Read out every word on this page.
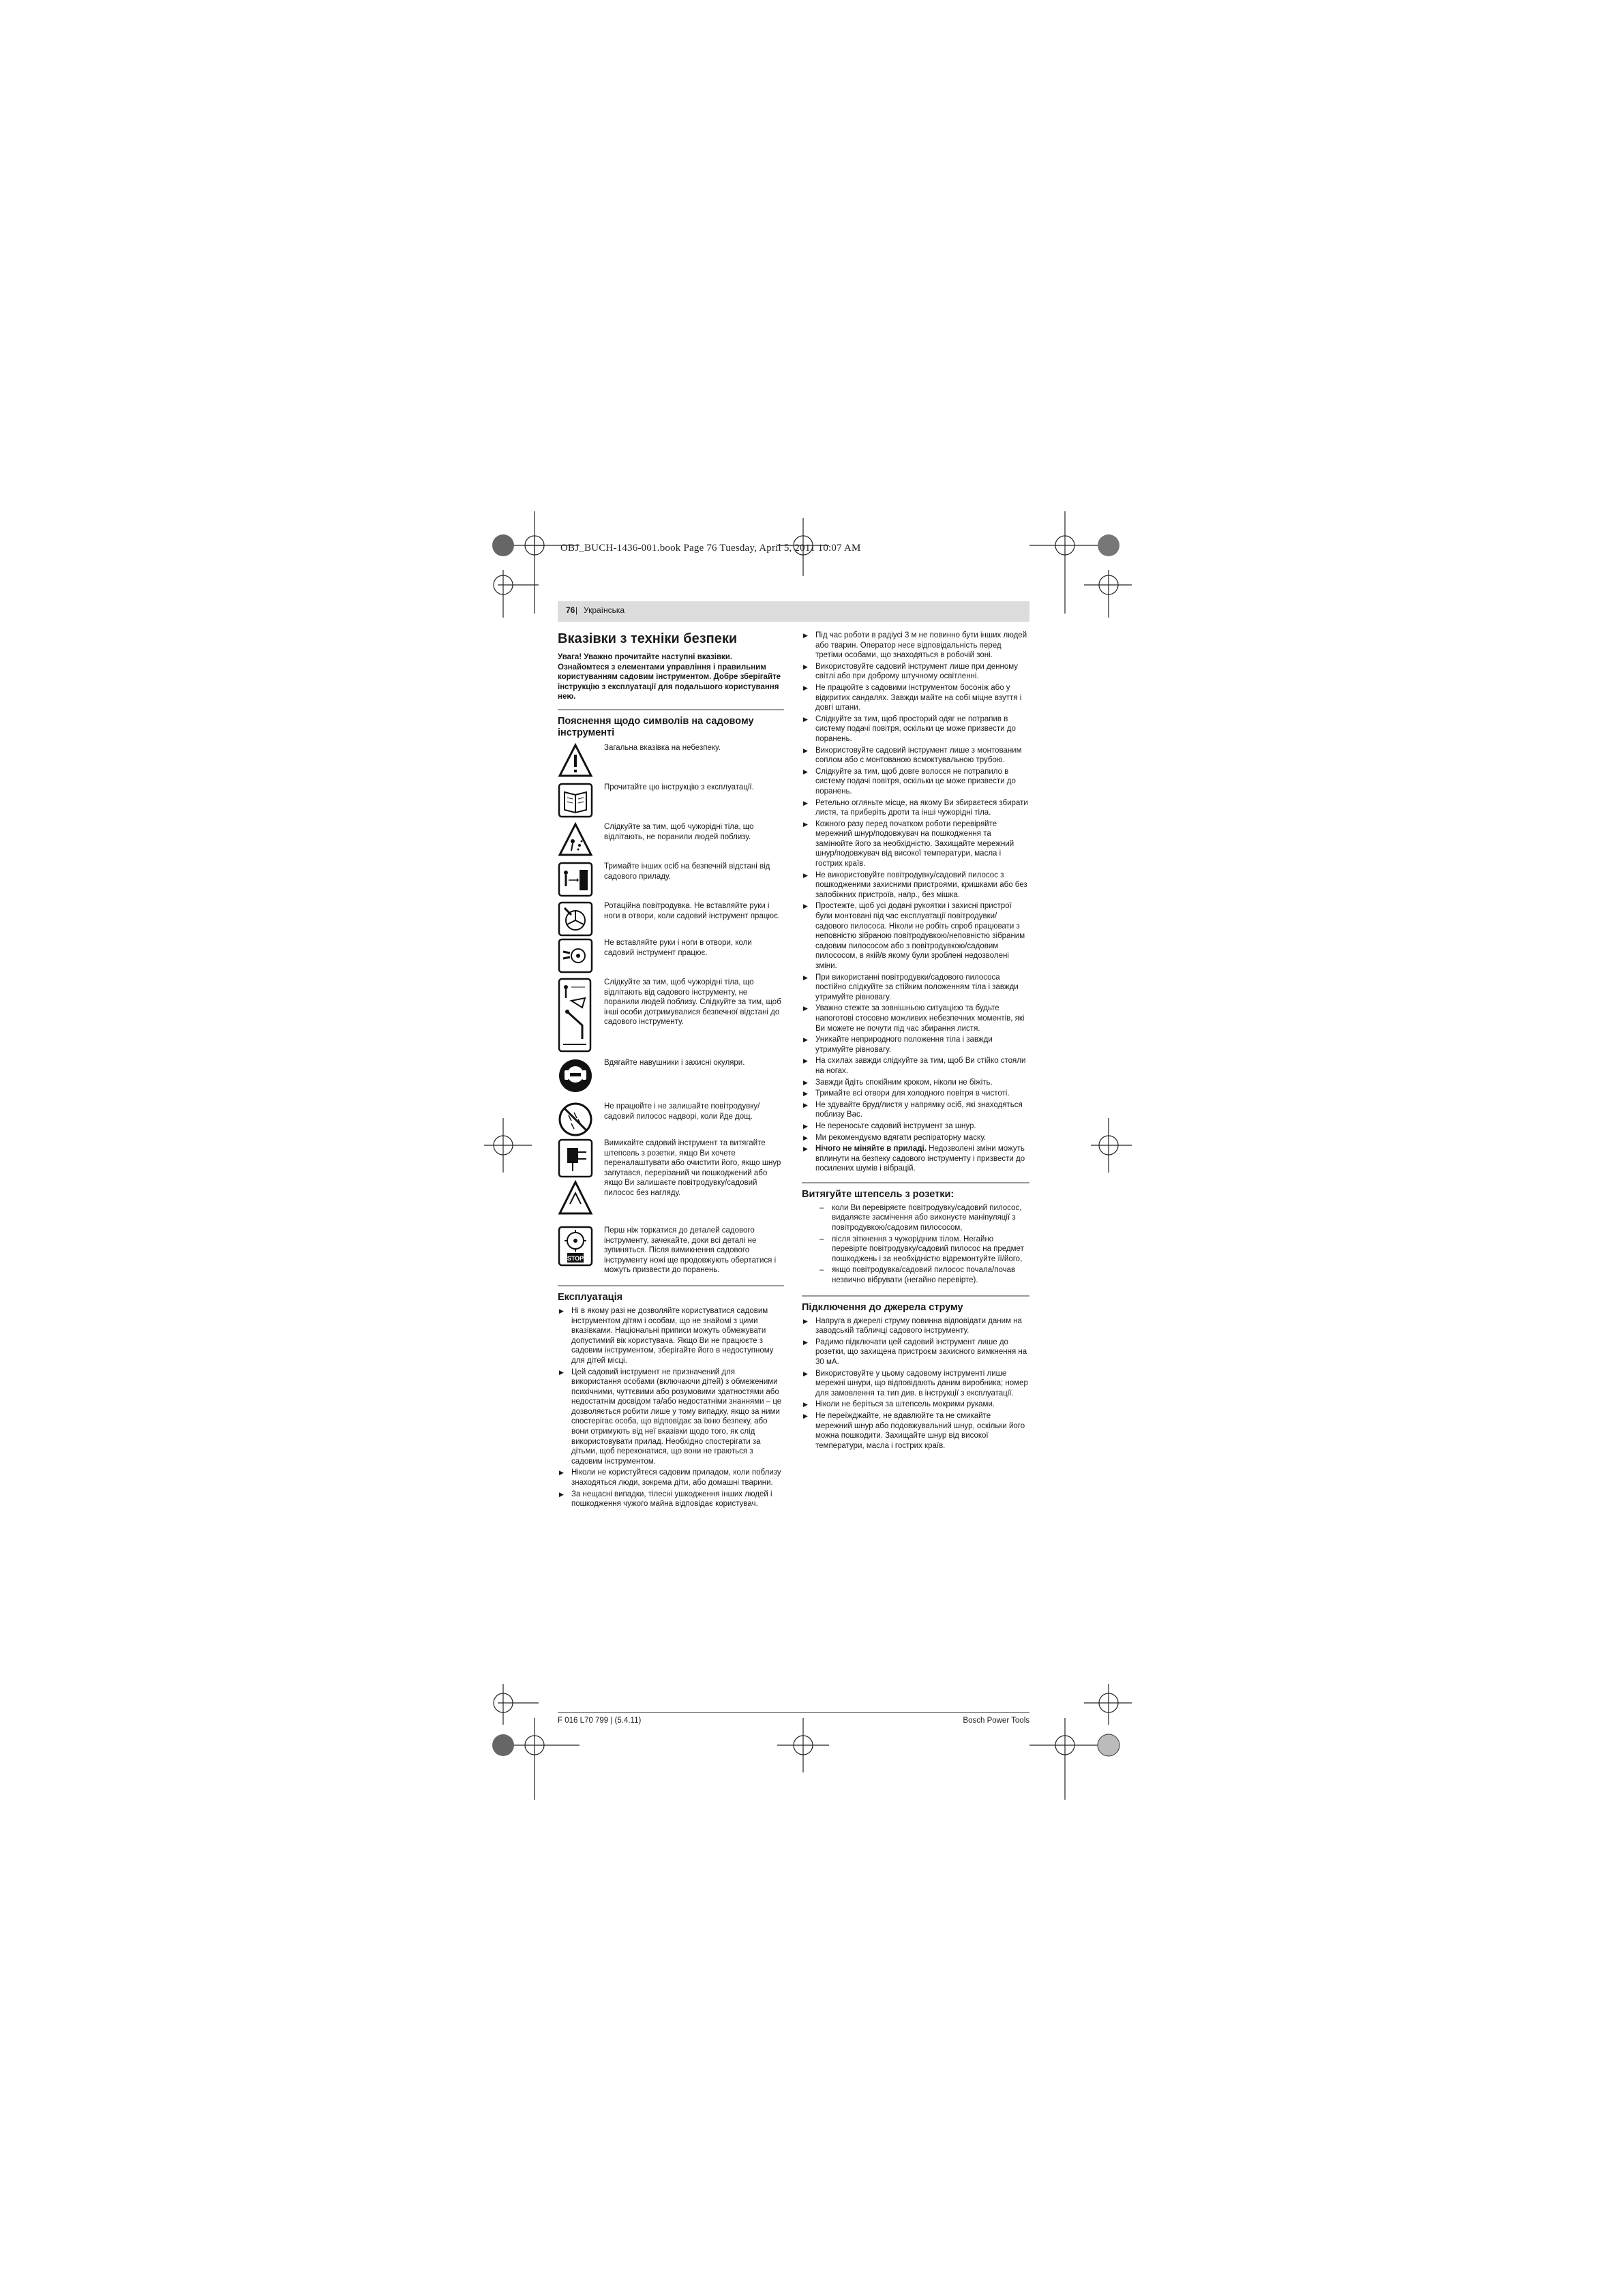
OBJ_BUCH-1436-001.book Page 76 Tuesday, April 5, 2011 10:07 AM
76 | Українська
Вказівки з техніки безпеки

Увага! Уважно прочитайте наступні вказівки. Ознайомтеся з елементами управління і правильним користуванням садовим інструментом. Добре зберігайте інструкцію з експлуатації для подальшого користування нею.

Пояснення щодо символів на садовому інструменті
Загальна вказівка на небезпеку.
Прочитайте цю інструкцію з експлуатації.
Слідкуйте за тим, щоб чужорідні тіла, що відлітають, не поранили людей поблизу.
Тримайте інших осіб на безпечній відстані від садового приладу.
Ротаційна повітродувка. Не вставляйте руки і ноги в отвори, коли садовий інструмент працює.
Не вставляйте руки і ноги в отвори, коли садовий інструмент працює.
Слідкуйте за тим, щоб чужорідні тіла, що відлітають від садового інструменту, не поранили людей поблизу. Слідкуйте за тим, щоб інші особи дотримувалися безпечної відстані до садового інструменту.
Вдягайте навушники і захисні окуляри.
Не працюйте і не залишайте повітродувку/садовий пилосос надворі, коли йде дощ.
Вимикайте садовий інструмент та витягайте штепсель з розетки, якщо Ви хочете переналаштувати або очистити його, якщо шнур запутався, перерізаний чи пошкоджений або якщо Ви залишаєте повітродувку/садовий пилосос без нагляду.
STOP
Перш ніж торкатися до деталей садового інструменту, зачекайте, доки всі деталі не зупиняться. Після вимикнення садового інструменту ножі ще продовжують обертатися і можуть призвести до поранень.
Експлуатація
▶ Ні в якому разі не дозволяйте користуватися садовим інструментом дітям і особам, що не знайомі з цими вказівками. Національні приписи можуть обмежувати допустимий вік користувача. Якщо Ви не працюєте з садовим інструментом, зберігайте його в недоступному для дітей місці.
▶ Цей садовий інструмент не призначений для використання особами (включаючи дітей) з обмеженими психічними, чуттєвими або розумовими здатностями або недостатнім досвідом та/або недостатніми знаннями – це дозволяється робити лише у тому випадку, якщо за ними спостерігає особа, що відповідає за їхню безпеку, або вони отримують від неї вказівки щодо того, як слід використовувати прилад. Необхідно спостерігати за дітьми, щоб переконатися, що вони не граються з садовим інструментом.
▶ Ніколи не користуйтеся садовим приладом, коли поблизу знаходяться люди, зокрема діти, або домашні тварини.
▶ За нещасні випадки, тілесні ушкодження інших людей і пошкодження чужого майна відповідає користувач.
▶ Під час роботи в радіусі 3 м не повинно бути інших людей або тварин. Оператор несе відповідальність перед третіми особами, що знаходяться в робочій зоні.
▶ Використовуйте садовий інструмент лише при денному світлі або при доброму штучному освітленні.
▶ Не працюйте з садовими інструментом босоніж або у відкритих сандалях. Завжди майте на собі міцне взуття і довгі штани.
▶ Слідкуйте за тим, щоб просторий одяг не потрапив в систему подачі повітря, оскільки це може призвести до поранень.
▶ Використовуйте садовий інструмент лише з монтованим соплом або с монтованою всмоктувальною трубою.
▶ Слідкуйте за тим, щоб довге волосся не потрапило в систему подачі повітря, оскільки це може призвести до поранень.
▶ Ретельно огляньте місце, на якому Ви збираєтеся збирати листя, та приберіть дроти та інші чужорідні тіла.
▶ Кожного разу перед початком роботи перевіряйте мережний шнур/подовжувач на пошкодження та замінюйте його за необхідністю. Захищайте мережний шнур/подовжувач від високої температури, масла і гострих країв.
▶ Не використовуйте повітродувку/садовий пилосос з пошкодженими захисними пристроями, кришками або без запобіжних пристроїв, напр., без мішка.
▶ Простежте, щоб усі додані рукоятки і захисні пристрої були монтовані під час експлуатації повітродувки/садового пилососа. Ніколи не робіть спроб працювати з неповністю зібраною повітродувкою/неповністю зібраним садовим пилососом або з повітродувкою/садовим пилососом, в якій/в якому були зроблені недозволені зміни.
▶ При використанні повітродувки/садового пилососа постійно слідкуйте за стійким положенням тіла і завжди утримуйте рівновагу.
▶ Уважно стежте за зовнішньою ситуацією та будьте напоготові стосовно можливих небезпечних моментів, які Ви можете не почути під час збирання листя.
▶ Уникайте неприродного положення тіла і завжди утримуйте рівновагу.
▶ На схилах завжди слідкуйте за тим, щоб Ви стійко стояли на ногах.
▶ Завжди йдіть спокійним кроком, ніколи не біжіть.
▶ Тримайте всі отвори для холодного повітря в чистоті.
▶ Не здувайте бруд/листя у напрямку осіб, які знаходяться поблизу Вас.
▶ Не переносьте садовий інструмент за шнур.
▶ Ми рекомендуємо вдягати респіраторну маску.
▶ Нічого не міняйте в приладі. Недозволені зміни можуть вплинути на безпеку садового інструменту і призвести до посилених шумів і вібрацій.
Витягуйте штепсель з розетки:
– коли Ви перевіряєте повітродувку/садовий пилосос, видаляєте засмічення або виконуєте маніпуляції з повітродувкою/садовим пилососом,
– після зіткнення з чужорідним тілом. Негайно перевірте повітродувку/садовий пилосос на предмет пошкоджень і за необхідністю відремонтуйте її/його,
– якщо повітродувка/садовий пилосос почала/почав незвично вібрувати (негайно перевірте).
Підключення до джерела струму
▶ Напруга в джерелі струму повинна відповідати даним на заводській табличці садового інструменту.
▶ Радимо підключати цей садовий інструмент лише до розетки, що захищена пристроєм захисного вимкнення на 30 мА.
▶ Використовуйте у цьому садовому інструменті лише мережні шнури, що відповідають даним виробника; номер для замовлення та тип див. в інструкції з експлуатації.
▶ Ніколи не беріться за штепсель мокрими руками.
▶ Не переїжджайте, не вдавлюйте та не смикайте мережний шнур або подовжувальний шнур, оскільки його можна пошкодити. Захищайте шнур від високої температури, масла і гострих країв.
F 016 L70 799 | (5.4.11)	Bosch Power Tools
